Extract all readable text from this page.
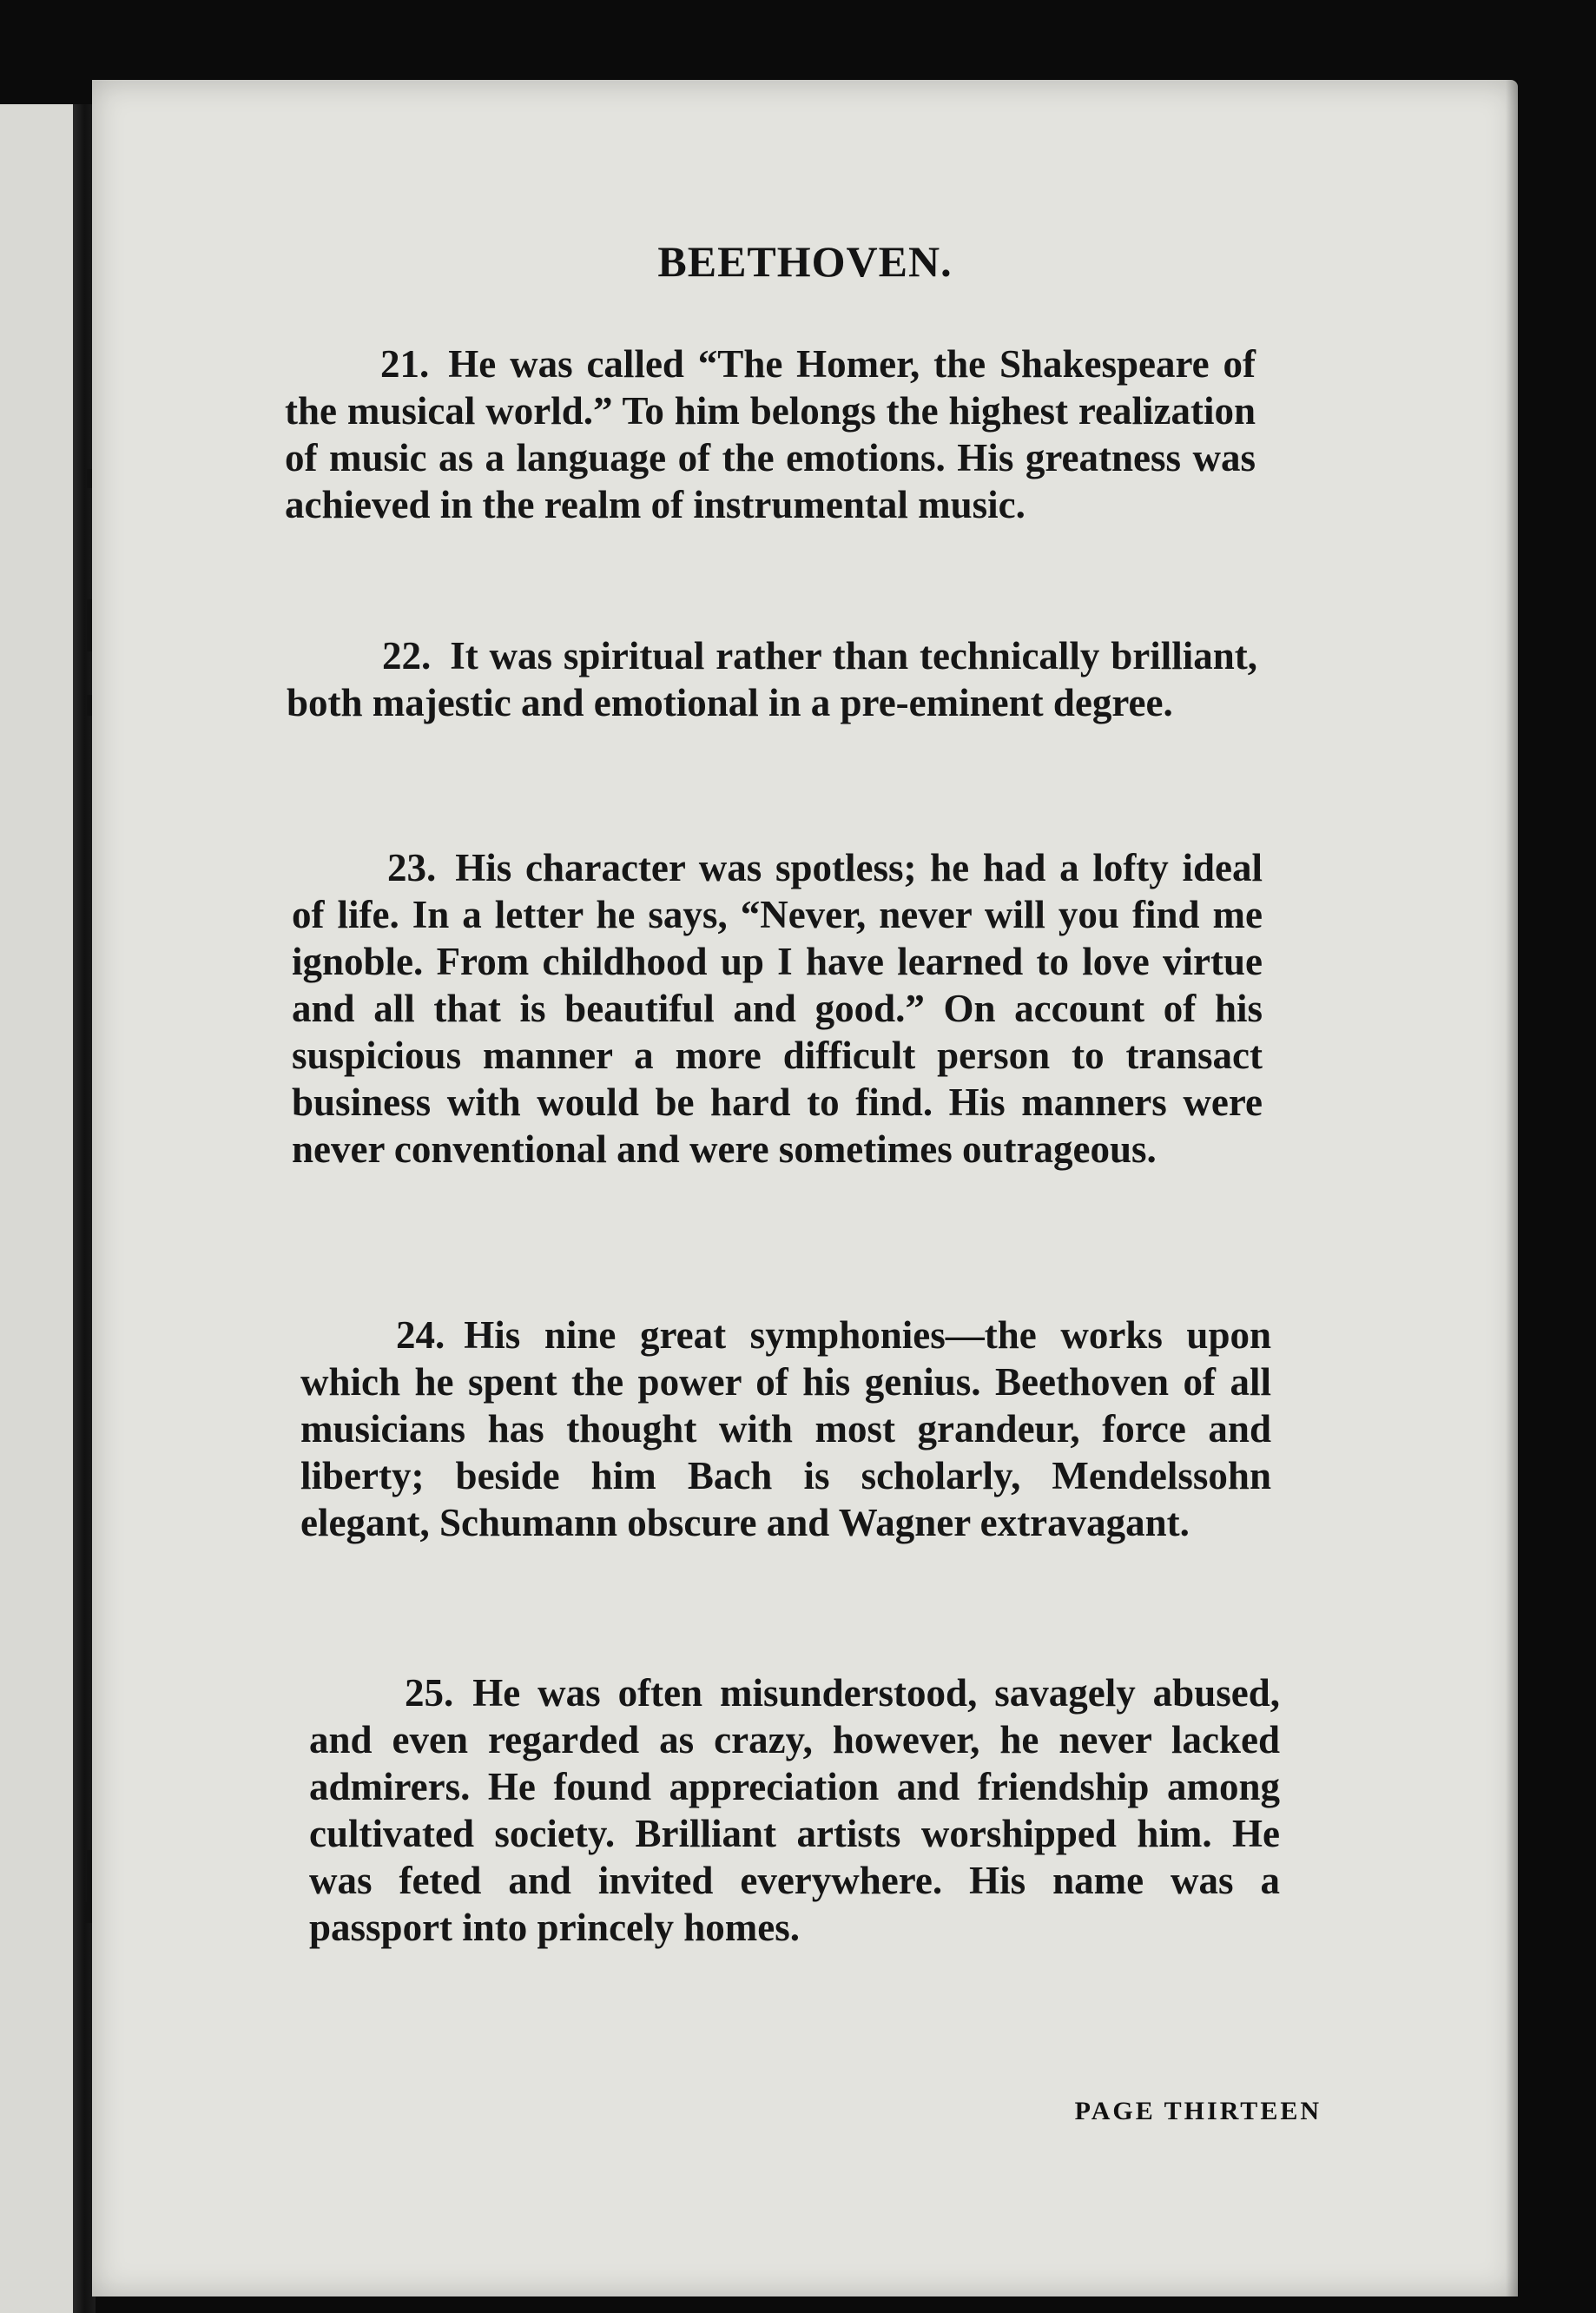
BEETHOVEN.

21. He was called “The Homer, the Shakespeare of the musical world.” To him belongs the highest realization of music as a language of the emotions. His greatness was achieved in the realm of instrumental music.

22. It was spiritual rather than technically brilliant, both majestic and emotional in a pre-eminent degree.

23. His character was spotless; he had a lofty ideal of life. In a letter he says, “Never, never will you find me ignoble. From childhood up I have learned to love virtue and all that is beautiful and good.” On account of his suspicious manner a more difficult person to transact business with would be hard to find. His manners were never conventional and were sometimes outrageous.

24. His nine great symphonies—the works upon which he spent the power of his genius. Beethoven of all musicians has thought with most grandeur, force and liberty; beside him Bach is scholarly, Mendelssohn elegant, Schumann obscure and Wagner extravagant.

25. He was often misunderstood, savagely abused, and even regarded as crazy, however, he never lacked admirers. He found appreciation and friendship among cultivated society. Brilliant artists worshipped him. He was feted and invited everywhere. His name was a passport into princely homes.

PAGE THIRTEEN
